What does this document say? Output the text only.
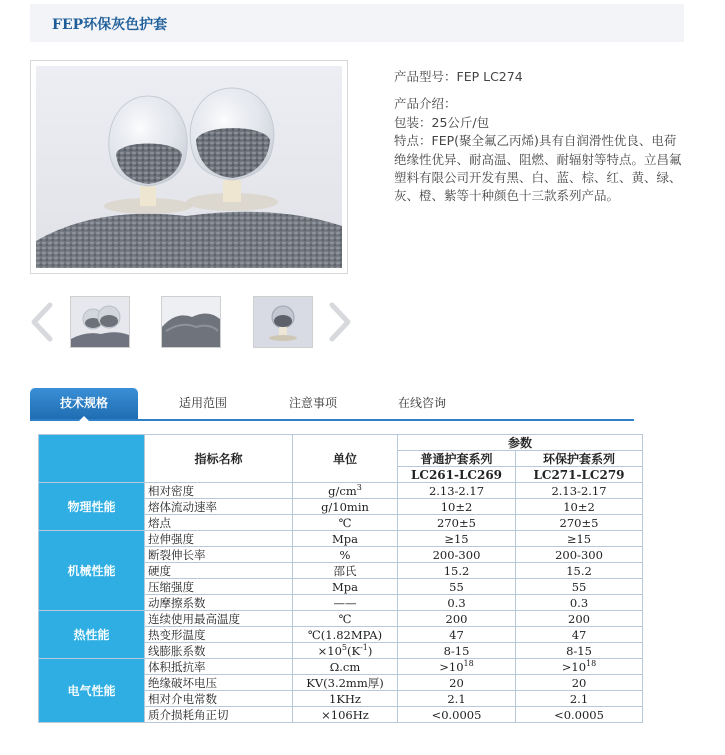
FEP环保灰色护套

产品型号：FEP LC274

产品介绍：

包装：25公斤/包

特点：FEP(聚全氟乙丙烯)具有自润滑性优良、电荷绝缘性优异、耐高温、阻燃、耐辐射等特点。立昌氟塑料有限公司开发有黑、白、蓝、棕、红、黄、绿、灰、橙、紫等十种颜色十三款系列产品。

技术规格	适用范围	注意事项	在线咨询
	指标名称	单位	参数	
			普通护套系列	环保护套系列
			LC261-LC269	LC271-LC279
物理性能	相对密度	$g/cm^3$	2.13-2.17	2.13-2.17
	熔体流动速率	g/10min	10±2	10±2
	熔点	℃	270±5	270±5
机械性能	拉伸强度	Mpa	≥15	≥15
	断裂伸长率	%	200-300	200-300
	硬度	邵氏	15.2	15.2
	压缩强度	Mpa	55	55
	动摩擦系数	——	0.3	0.3
热性能	连续使用最高温度	℃	200	200
	热变形温度	℃(1.82MPA)	47	47
	线膨胀系数	$\times 10^5(K^{-1})$	8-15	8-15
电气性能	体积抵抗率	Ω.cm	$>10^{18}$	$>10^{18}$
	绝缘破坏电压	KV(3.2mm厚)	20	20
	相对介电常数	1KHz	2.1	2.1
	质介损耗角正切	×106Hz	<0.0005	<0.0005
